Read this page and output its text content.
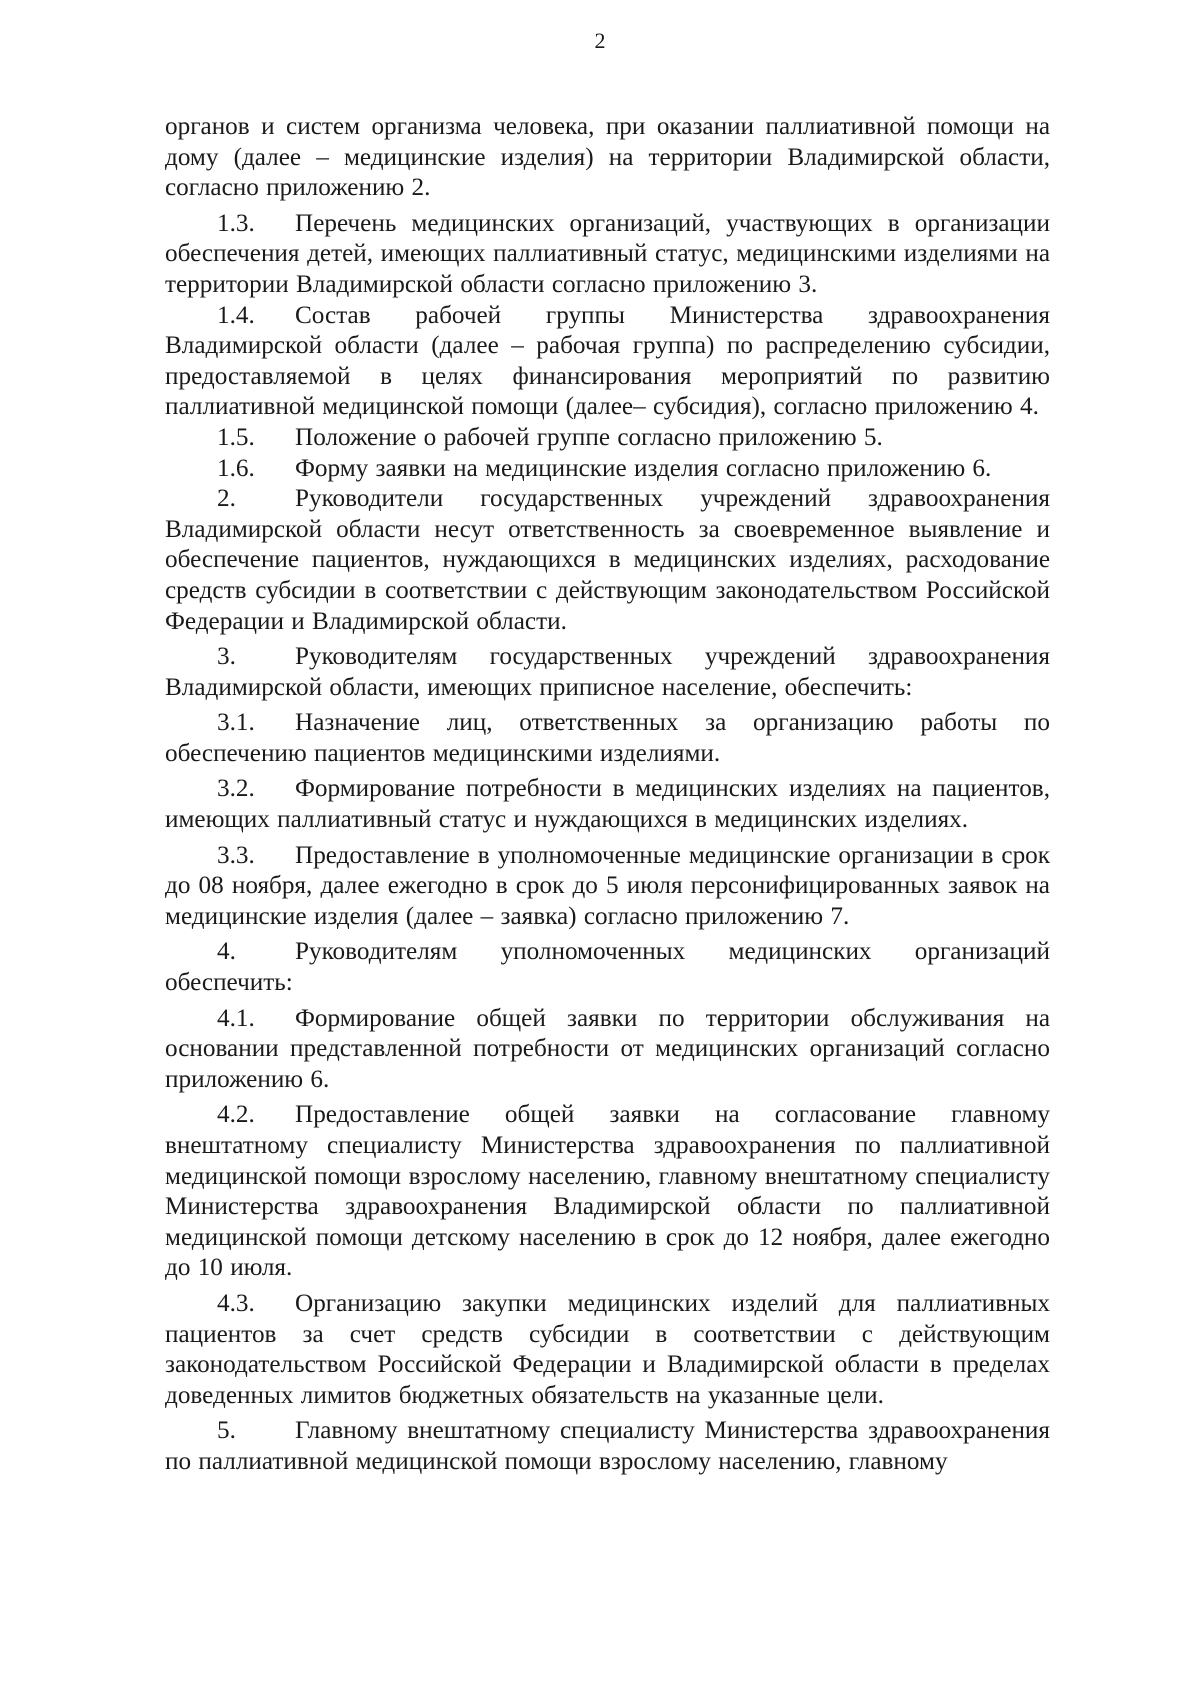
2

органов и систем организма человека, при оказании паллиативной помощи на дому (далее – медицинские изделия) на территории Владимирской области, согласно приложению 2.

1.3. Перечень медицинских организаций, участвующих в организации обеспечения детей, имеющих паллиативный статус, медицинскими изделиями на территории Владимирской области согласно приложению 3.

1.4. Состав рабочей группы Министерства здравоохранения Владимирской области (далее – рабочая группа) по распределению субсидии, предоставляемой в целях финансирования мероприятий по развитию паллиативной медицинской помощи (далее– субсидия), согласно приложению 4.

1.5. Положение о рабочей группе согласно приложению 5.

1.6. Форму заявки на медицинские изделия согласно приложению 6.

2. Руководители государственных учреждений здравоохранения Владимирской области несут ответственность за своевременное выявление и обеспечение пациентов, нуждающихся в медицинских изделиях, расходование средств субсидии в соответствии с действующим законодательством Российской Федерации и Владимирской области.

3. Руководителям государственных учреждений здравоохранения Владимирской области, имеющих приписное население, обеспечить:

3.1. Назначение лиц, ответственных за организацию работы по обеспечению пациентов медицинскими изделиями.

3.2. Формирование потребности в медицинских изделиях на пациентов, имеющих паллиативный статус и нуждающихся в медицинских изделиях.

3.3. Предоставление в уполномоченные медицинские организации в срок до 08 ноября, далее ежегодно в срок до 5 июля персонифицированных заявок на медицинские изделия (далее – заявка) согласно приложению 7.

4. Руководителям уполномоченных медицинских организаций обеспечить:

4.1. Формирование общей заявки по территории обслуживания на основании представленной потребности от медицинских организаций согласно приложению 6.

4.2. Предоставление общей заявки на согласование главному внештатному специалисту Министерства здравоохранения по паллиативной медицинской помощи взрослому населению, главному внештатному специалисту Министерства здравоохранения Владимирской области по паллиативной медицинской помощи детскому населению в срок до 12 ноября, далее ежегодно до 10 июля.

4.3. Организацию закупки медицинских изделий для паллиативных пациентов за счет средств субсидии в соответствии с действующим законодательством Российской Федерации и Владимирской области в пределах доведенных лимитов бюджетных обязательств на указанные цели.

5. Главному внештатному специалисту Министерства здравоохранения по паллиативной медицинской помощи взрослому населению, главному
